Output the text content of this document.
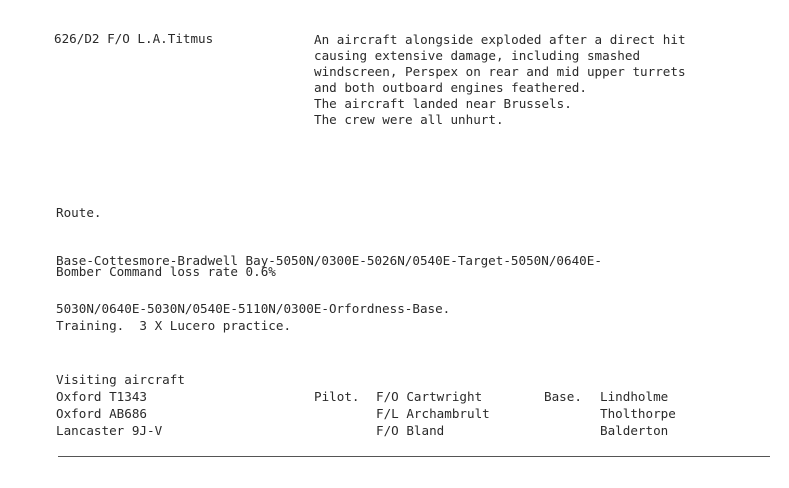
626/D2 F/O L.A.Titmus	An aircraft alongside exploded after a direct hit
causing extensive damage, including smashed
windscreen, Perspex on rear and mid upper turrets
and both outboard engines feathered.
The aircraft landed near Brussels.
The crew were all unhurt.

Route.

Base-Cottesmore-Bradwell Bay-5050N/0300E-5026N/0540E-Target-5050N/0640E-

5030N/0640E-5030N/0540E-5110N/0300E-Orfordness-Base.

Bomber Command loss rate 0.6%
Training.  3 X Lucero practice.
Visiting aircraft
Oxford T1343	Pilot. F/O Cartwright	Base. Lindholme
Oxford AB686	F/L Archambrult	Tholthorpe
Lancaster 9J-V	F/O Bland	Balderton
